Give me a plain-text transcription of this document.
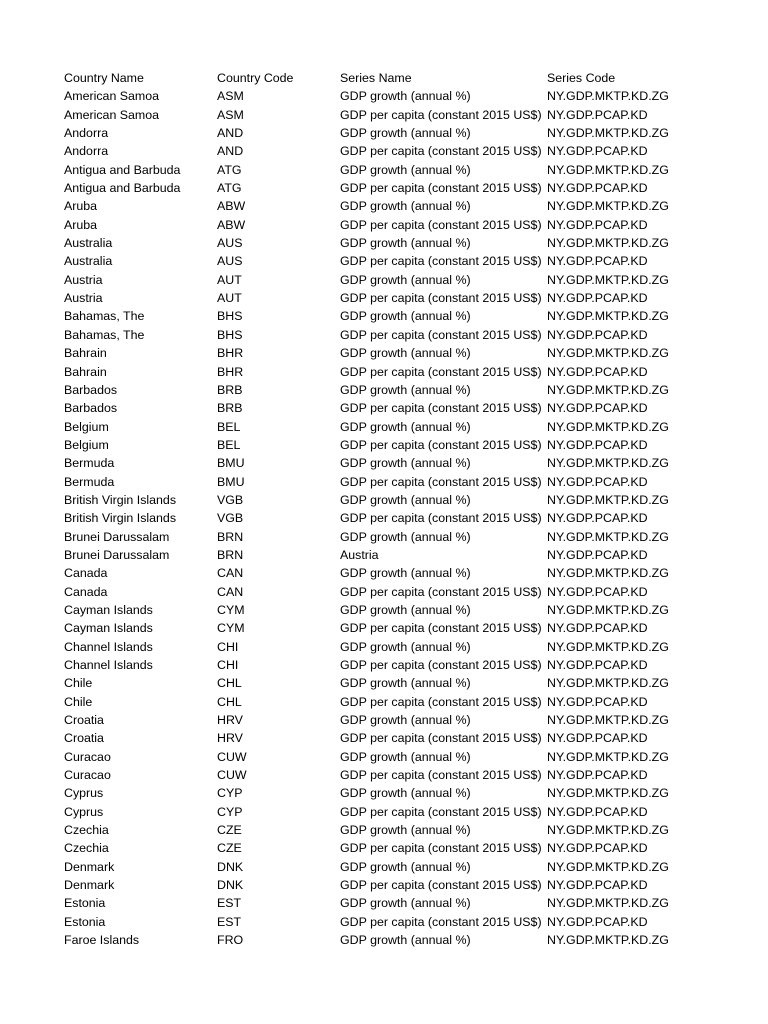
Country Name	Country Code	Series Name	Series Code
American Samoa	ASM	GDP growth (annual %)	NY.GDP.MKTP.KD.ZG
American Samoa	ASM	GDP per capita (constant 2015 US$) NY.GDP.PCAP.KD
Andorra	AND	GDP growth (annual %)	NY.GDP.MKTP.KD.ZG
Andorra	AND	GDP per capita (constant 2015 US$) NY.GDP.PCAP.KD
Antigua and Barbuda	ATG	GDP growth (annual %)	NY.GDP.MKTP.KD.ZG
Antigua and Barbuda	ATG	GDP per capita (constant 2015 US$) NY.GDP.PCAP.KD
Aruba	ABW	GDP growth (annual %)	NY.GDP.MKTP.KD.ZG
Aruba	ABW	GDP per capita (constant 2015 US$) NY.GDP.PCAP.KD
Australia	AUS	GDP growth (annual %)	NY.GDP.MKTP.KD.ZG
Australia	AUS	GDP per capita (constant 2015 US$) NY.GDP.PCAP.KD
Austria	AUT	GDP growth (annual %)	NY.GDP.MKTP.KD.ZG
Austria	AUT	GDP per capita (constant 2015 US$) NY.GDP.PCAP.KD
Bahamas, The	BHS	GDP growth (annual %)	NY.GDP.MKTP.KD.ZG
Bahamas, The	BHS	GDP per capita (constant 2015 US$) NY.GDP.PCAP.KD
Bahrain	BHR	GDP growth (annual %)	NY.GDP.MKTP.KD.ZG
Bahrain	BHR	GDP per capita (constant 2015 US$) NY.GDP.PCAP.KD
Barbados	BRB	GDP growth (annual %)	NY.GDP.MKTP.KD.ZG
Barbados	BRB	GDP per capita (constant 2015 US$) NY.GDP.PCAP.KD
Belgium	BEL	GDP growth (annual %)	NY.GDP.MKTP.KD.ZG
Belgium	BEL	GDP per capita (constant 2015 US$) NY.GDP.PCAP.KD
Bermuda	BMU	GDP growth (annual %)	NY.GDP.MKTP.KD.ZG
Bermuda	BMU	GDP per capita (constant 2015 US$) NY.GDP.PCAP.KD
British Virgin Islands	VGB	GDP growth (annual %)	NY.GDP.MKTP.KD.ZG
British Virgin Islands	VGB	GDP per capita (constant 2015 US$) NY.GDP.PCAP.KD
Brunei Darussalam	BRN	GDP growth (annual %)	NY.GDP.MKTP.KD.ZG
Brunei Darussalam	BRN	Austria	NY.GDP.PCAP.KD
Canada	CAN	GDP growth (annual %)	NY.GDP.MKTP.KD.ZG
Canada	CAN	GDP per capita (constant 2015 US$) NY.GDP.PCAP.KD
Cayman Islands	CYM	GDP growth (annual %)	NY.GDP.MKTP.KD.ZG
Cayman Islands	CYM	GDP per capita (constant 2015 US$) NY.GDP.PCAP.KD
Channel Islands	CHI	GDP growth (annual %)	NY.GDP.MKTP.KD.ZG
Channel Islands	CHI	GDP per capita (constant 2015 US$) NY.GDP.PCAP.KD
Chile	CHL	GDP growth (annual %)	NY.GDP.MKTP.KD.ZG
Chile	CHL	GDP per capita (constant 2015 US$) NY.GDP.PCAP.KD
Croatia	HRV	GDP growth (annual %)	NY.GDP.MKTP.KD.ZG
Croatia	HRV	GDP per capita (constant 2015 US$) NY.GDP.PCAP.KD
Curacao	CUW	GDP growth (annual %)	NY.GDP.MKTP.KD.ZG
Curacao	CUW	GDP per capita (constant 2015 US$) NY.GDP.PCAP.KD
Cyprus	CYP	GDP growth (annual %)	NY.GDP.MKTP.KD.ZG
Cyprus	CYP	GDP per capita (constant 2015 US$) NY.GDP.PCAP.KD
Czechia	CZE	GDP growth (annual %)	NY.GDP.MKTP.KD.ZG
Czechia	CZE	GDP per capita (constant 2015 US$) NY.GDP.PCAP.KD
Denmark	DNK	GDP growth (annual %)	NY.GDP.MKTP.KD.ZG
Denmark	DNK	GDP per capita (constant 2015 US$) NY.GDP.PCAP.KD
Estonia	EST	GDP growth (annual %)	NY.GDP.MKTP.KD.ZG
Estonia	EST	GDP per capita (constant 2015 US$) NY.GDP.PCAP.KD
Faroe Islands	FRO	GDP growth (annual %)	NY.GDP.MKTP.KD.ZG
